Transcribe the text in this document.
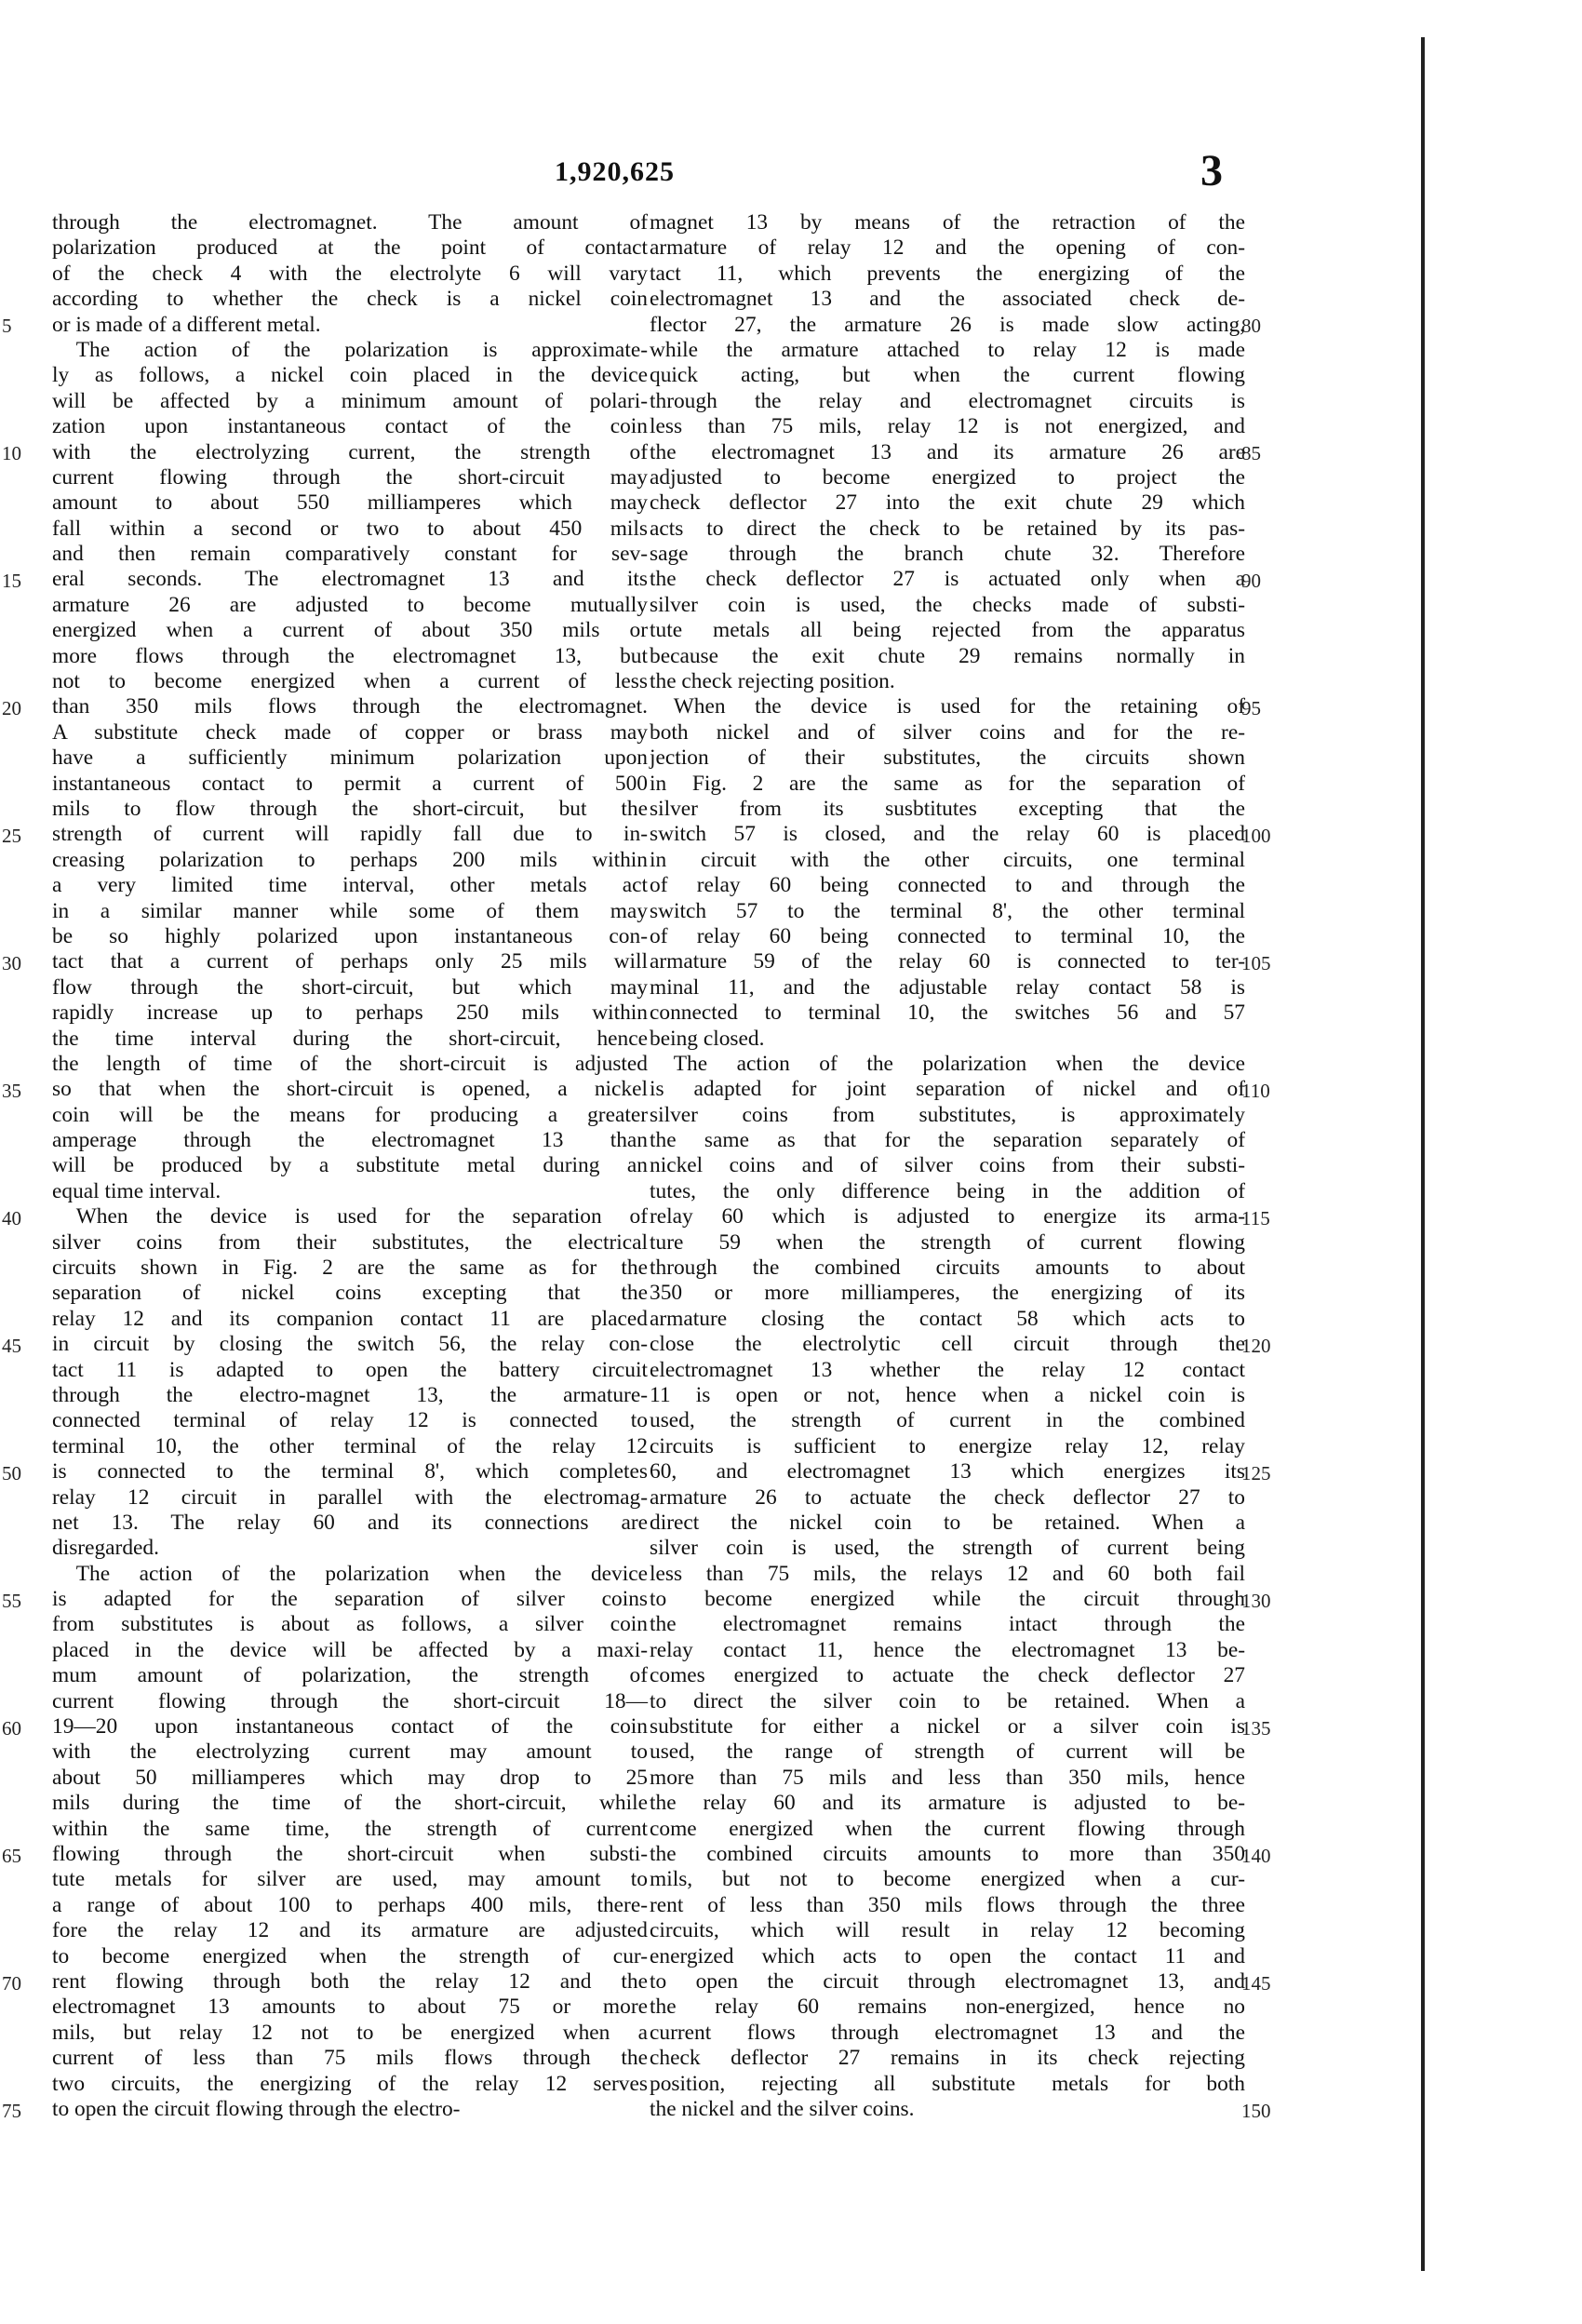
1,920,625	3
through the electromagnet. The amount of
polarization produced at the point of contact
of the check 4 with the electrolyte 6 will vary
according to whether the check is a nickel coin
or is made of a different metal.
The action of the polarization is approximate-
ly as follows, a nickel coin placed in the device
will be affected by a minimum amount of polari-
zation upon instantaneous contact of the coin
with the electrolyzing current, the strength of
current flowing through the short-circuit may
amount to about 550 milliamperes which may
fall within a second or two to about 450 mils
and then remain comparatively constant for sev-
eral seconds. The electromagnet 13 and its
armature 26 are adjusted to become mutually
energized when a current of about 350 mils or
more flows through the electromagnet 13, but
not to become energized when a current of less
than 350 mils flows through the electromagnet.
A substitute check made of copper or brass may
have a sufficiently minimum polarization upon
instantaneous contact to permit a current of 500
mils to flow through the short-circuit, but the
strength of current will rapidly fall due to in-
creasing polarization to perhaps 200 mils within
a very limited time interval, other metals act
in a similar manner while some of them may
be so highly polarized upon instantaneous con-
tact that a current of perhaps only 25 mils will
flow through the short-circuit, but which may
rapidly increase up to perhaps 250 mils within
the time interval during the short-circuit, hence
the length of time of the short-circuit is adjusted
so that when the short-circuit is opened, a nickel
coin will be the means for producing a greater
amperage through the electromagnet 13 than
will be produced by a substitute metal during an
equal time interval.
When the device is used for the separation of
silver coins from their substitutes, the electrical
circuits shown in Fig. 2 are the same as for the
separation of nickel coins excepting that the
relay 12 and its companion contact 11 are placed
in circuit by closing the switch 56, the relay con-
tact 11 is adapted to open the battery circuit
through the electro-magnet 13, the armature-
connected terminal of relay 12 is connected to
terminal 10, the other terminal of the relay 12
is connected to the terminal 8', which completes
relay 12 circuit in parallel with the electromag-
net 13. The relay 60 and its connections are
disregarded.
The action of the polarization when the device
is adapted for the separation of silver coins
from substitutes is about as follows, a silver coin
placed in the device will be affected by a maxi-
mum amount of polarization, the strength of
current flowing through the short-circuit 18—
19—20 upon instantaneous contact of the coin
with the electrolyzing current may amount to
about 50 milliamperes which may drop to 25
mils during the time of the short-circuit, while
within the same time, the strength of current
flowing through the short-circuit when substi-
tute metals for silver are used, may amount to
a range of about 100 to perhaps 400 mils, there-
fore the relay 12 and its armature are adjusted
to become energized when the strength of cur-
rent flowing through both the relay 12 and the
electromagnet 13 amounts to about 75 or more
mils, but relay 12 not to be energized when a
current of less than 75 mils flows through the
two circuits, the energizing of the relay 12 serves
to open the circuit flowing through the electro-
magnet 13 by means of the retraction of the
armature of relay 12 and the opening of con-
tact 11, which prevents the energizing of the
electromagnet 13 and the associated check de-
flector 27, the armature 26 is made slow acting,
while the armature attached to relay 12 is made
quick acting, but when the current flowing
through the relay and electromagnet circuits is
less than 75 mils, relay 12 is not energized, and
the electromagnet 13 and its armature 26 are
adjusted to become energized to project the
check deflector 27 into the exit chute 29 which
acts to direct the check to be retained by its pas-
sage through the branch chute 32. Therefore
the check deflector 27 is actuated only when a
silver coin is used, the checks made of substi-
tute metals all being rejected from the apparatus
because the exit chute 29 remains normally in
the check rejecting position.
When the device is used for the retaining of
both nickel and of silver coins and for the re-
jection of their substitutes, the circuits shown
in Fig. 2 are the same as for the separation of
silver from its susbtitutes excepting that the
switch 57 is closed, and the relay 60 is placed
in circuit with the other circuits, one terminal
of relay 60 being connected to and through the
switch 57 to the terminal 8', the other terminal
of relay 60 being connected to terminal 10, the
armature 59 of the relay 60 is connected to ter-
minal 11, and the adjustable relay contact 58 is
connected to terminal 10, the switches 56 and 57
being closed.
The action of the polarization when the device
is adapted for joint separation of nickel and of
silver coins from substitutes, is approximately
the same as that for the separation separately of
nickel coins and of silver coins from their substi-
tutes, the only difference being in the addition of
relay 60 which is adjusted to energize its arma-
ture 59 when the strength of current flowing
through the combined circuits amounts to about
350 or more milliamperes, the energizing of its
armature closing the contact 58 which acts to
close the electrolytic cell circuit through the
electromagnet 13 whether the relay 12 contact
11 is open or not, hence when a nickel coin is
used, the strength of current in the combined
circuits is sufficient to energize relay 12, relay
60, and electromagnet 13 which energizes its
armature 26 to actuate the check deflector 27 to
direct the nickel coin to be retained. When a
silver coin is used, the strength of current being
less than 75 mils, the relays 12 and 60 both fail
to become energized while the circuit through
the electromagnet remains intact through the
relay contact 11, hence the electromagnet 13 be-
comes energized to actuate the check deflector 27
to direct the silver coin to be retained. When a
substitute for either a nickel or a silver coin is
used, the range of strength of current will be
more than 75 mils and less than 350 mils, hence
the relay 60 and its armature is adjusted to be-
come energized when the current flowing through
the combined circuits amounts to more than 350
mils, but not to become energized when a cur-
rent of less than 350 mils flows through the three
circuits, which will result in relay 12 becoming
energized which acts to open the contact 11 and
to open the circuit through electromagnet 13, and
the relay 60 remains non-energized, hence no
current flows through electromagnet 13 and the
check deflector 27 remains in its check rejecting
position, rejecting all substitute metals for both
the nickel and the silver coins.
5
10
15
20
25
30
35
40
45
50
55
60
65
70
75
80
85
90
95
100
105
110
115
120
125
130
135
140
145
150
